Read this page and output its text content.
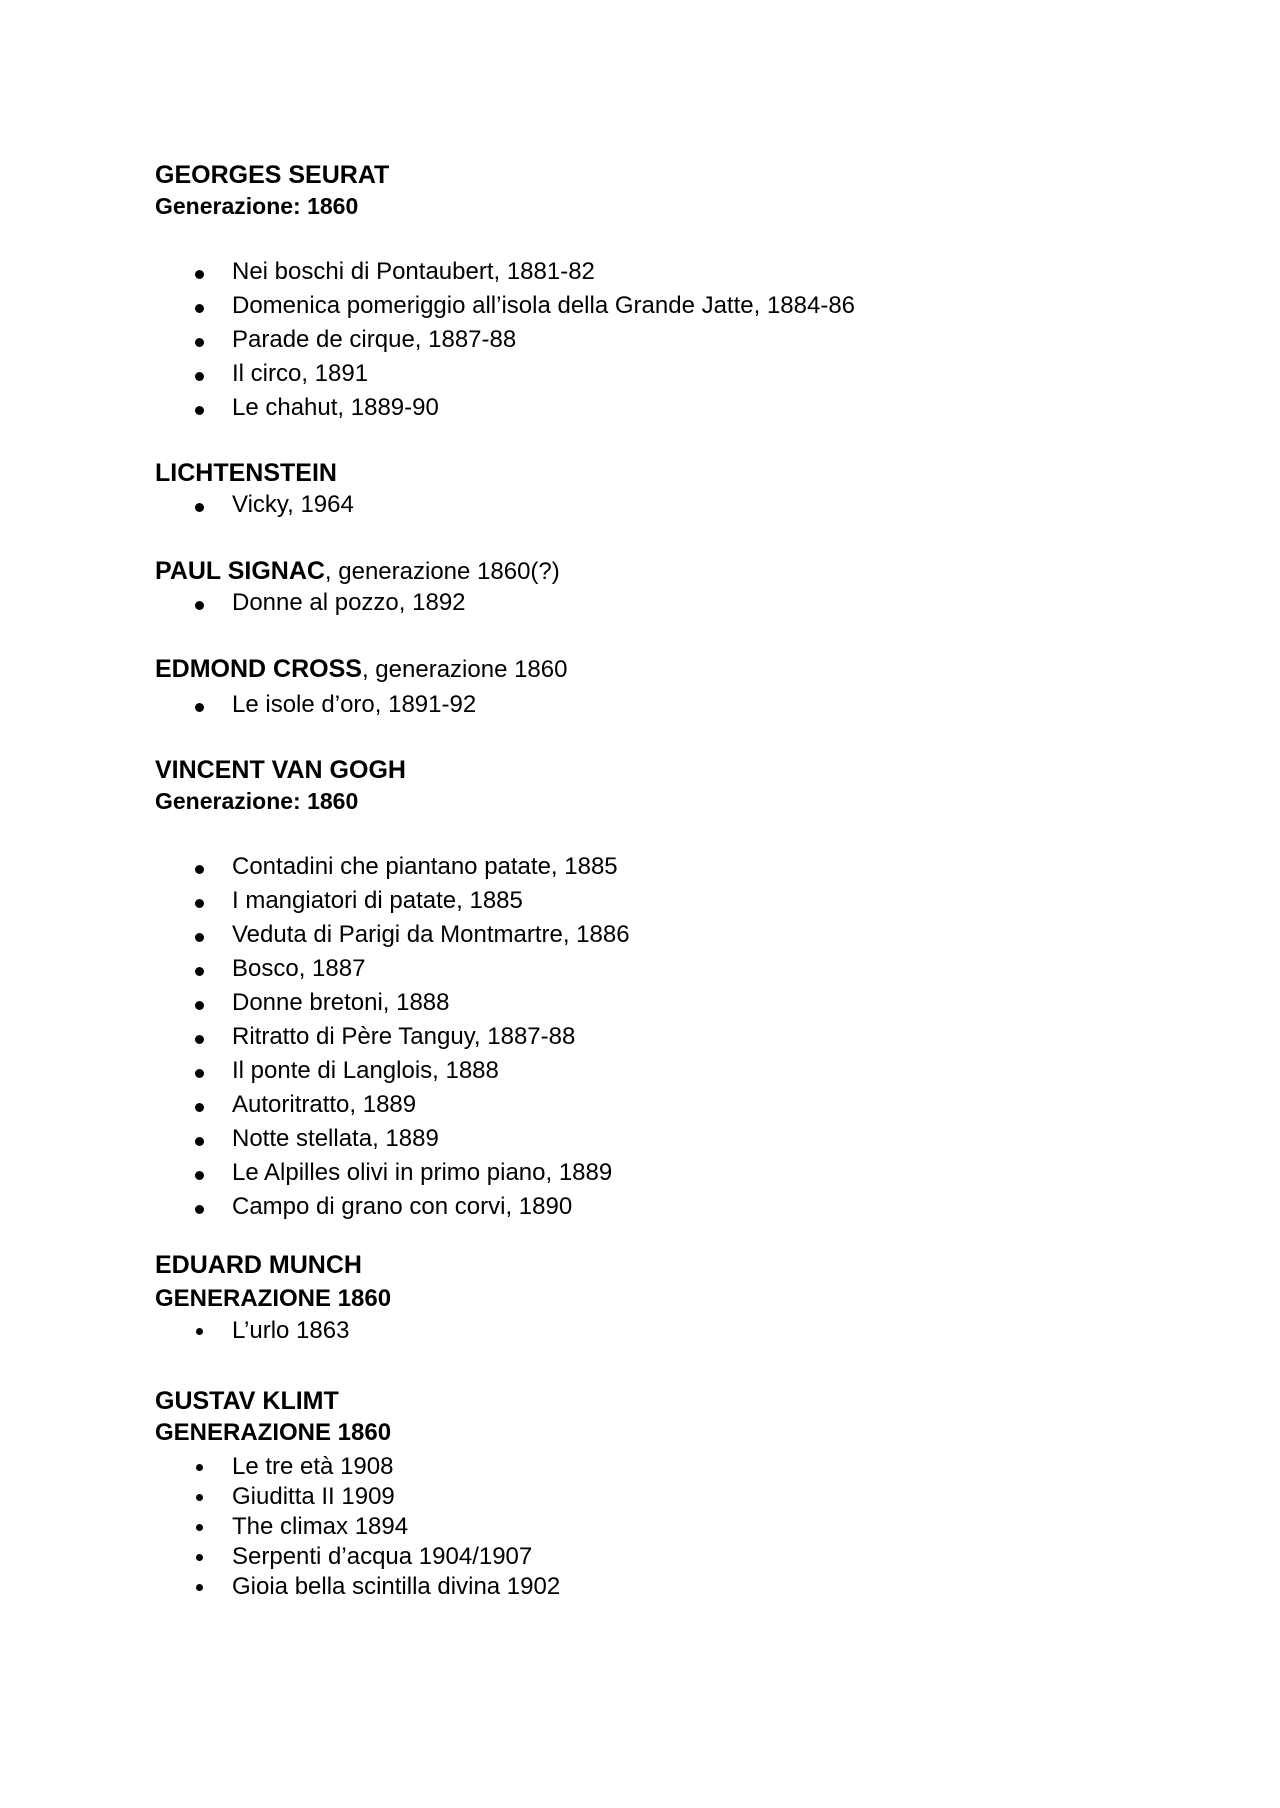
GEORGES SEURAT
Generazione: 1860
Nei boschi di Pontaubert, 1881-82
Domenica pomeriggio all’isola della Grande Jatte, 1884-86
Parade de cirque, 1887-88
Il circo, 1891
Le chahut, 1889-90
LICHTENSTEIN
Vicky, 1964
PAUL SIGNAC, generazione 1860(?)
Donne al pozzo, 1892
EDMOND CROSS, generazione 1860
Le isole d’oro, 1891-92
VINCENT VAN GOGH
Generazione: 1860
Contadini che piantano patate, 1885
I mangiatori di patate, 1885
Veduta di Parigi da Montmartre, 1886
Bosco, 1887
Donne bretoni, 1888
Ritratto di Père Tanguy, 1887-88
Il ponte di Langlois, 1888
Autoritratto, 1889
Notte stellata, 1889
Le Alpilles olivi in primo piano, 1889
Campo di grano con corvi, 1890
EDUARD MUNCH
GENERAZIONE 1860
L’urlo 1863
GUSTAV KLIMT
GENERAZIONE 1860
Le tre età 1908
Giuditta II 1909
The climax 1894
Serpenti d’acqua 1904/1907
Gioia bella scintilla divina 1902
